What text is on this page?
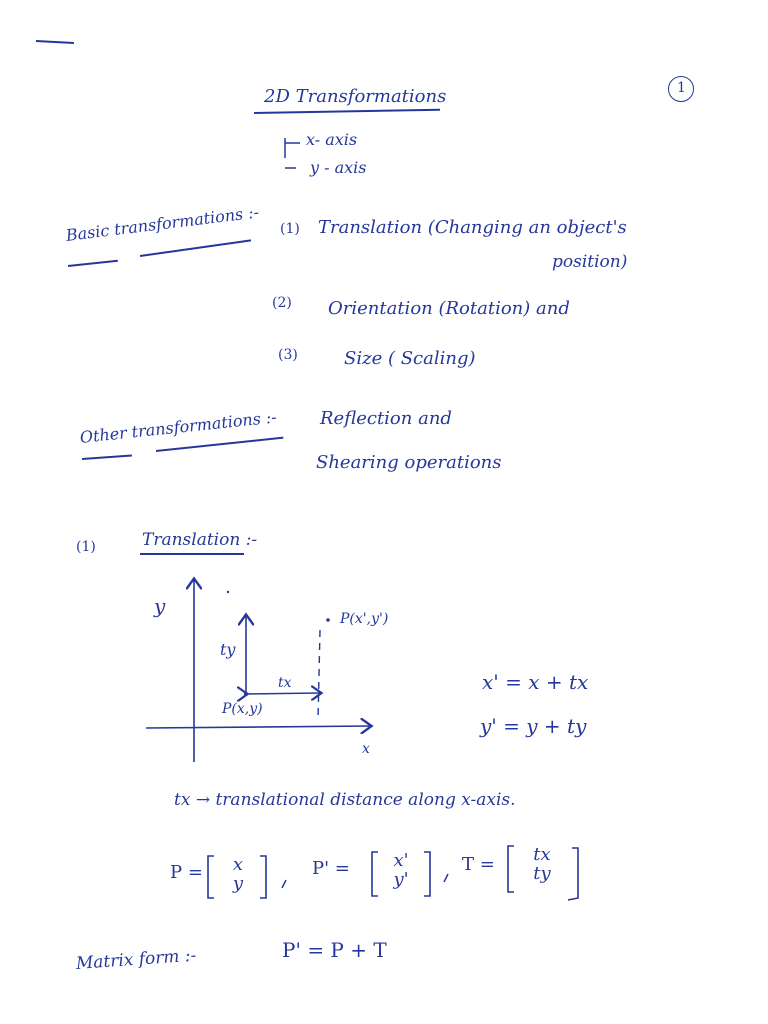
1
2D Transformations
x- axis
y - axis
Basic transformations :- (1) Translation (Changing an object's
position)
(2) Orientation (Rotation) and
(3)	Size ( Scaling)
Other transformations :- Reflection and
Shearing operations
(1)	Translation :-
y
x
ty
tx
P(x,y)
P(x',y')
x' = x + tx
y' = y + ty
tx → translational distance along x-axis.
P =	x
y
P' =	x'
y'
T =	tx
ty
Matrix form :-	P' = P + T
